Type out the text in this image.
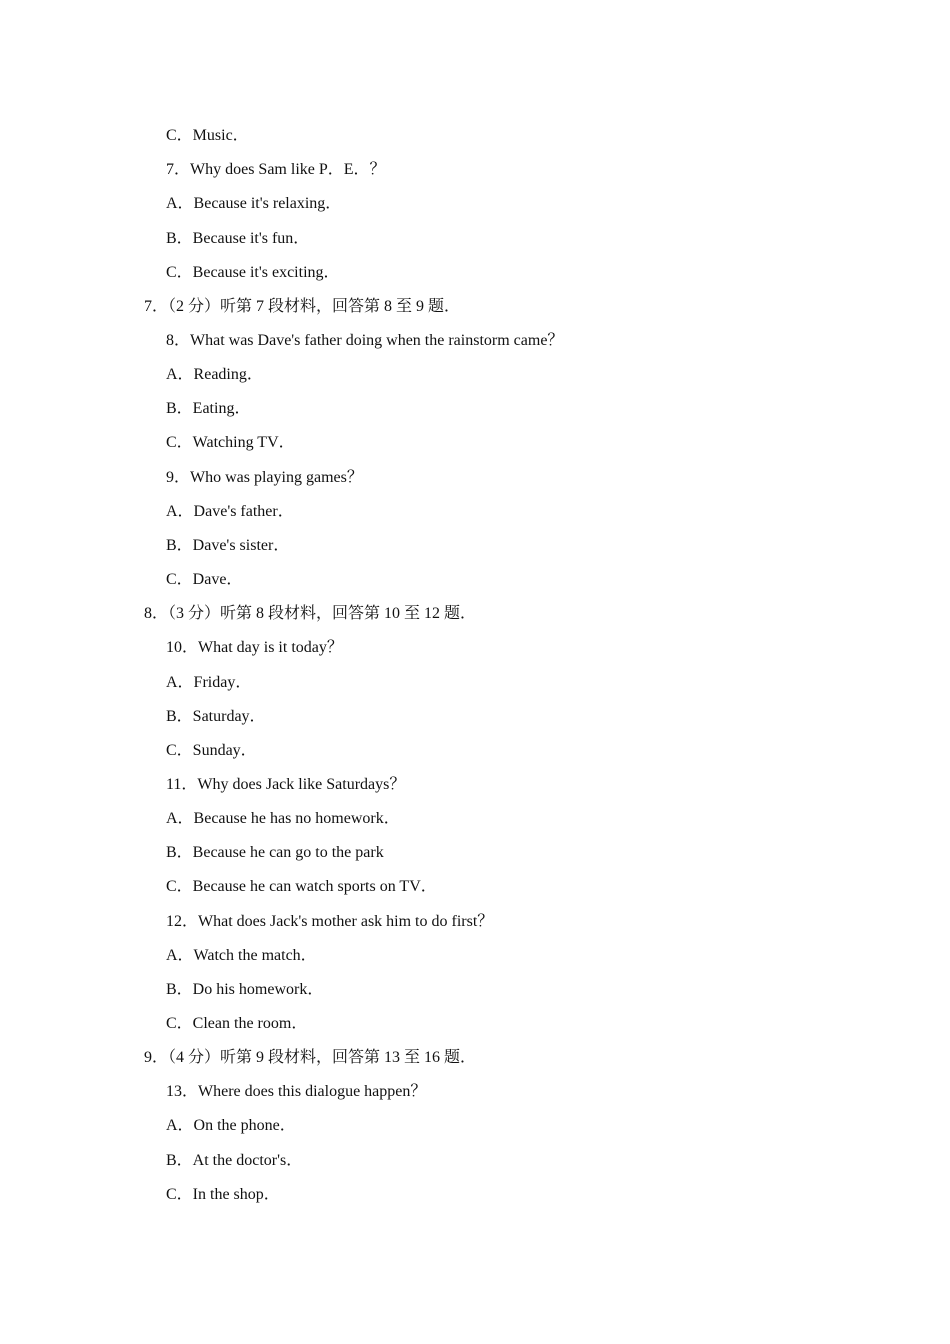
C．Music．
7．Why does Sam like P．E．？
A．Because it's relaxing．
B．Because it's fun．
C．Because it's exciting．
7．（2 分）听第 7 段材料，回答第 8 至 9 题．
8．What was Dave's father doing when the rainstorm came？
A．Reading．
B．Eating．
C．Watching TV．
9．Who was playing games？
A．Dave's father．
B．Dave's sister．
C．Dave．
8．（3 分）听第 8 段材料，回答第 10 至 12 题．
10．What day is it today？
A．Friday．
B．Saturday．
C．Sunday．
11．Why does Jack like Saturdays？
A．Because he has no homework．
B．Because he can go to the park
C．Because he can watch sports on TV．
12．What does Jack's mother ask him to do first？
A．Watch the match．
B．Do his homework．
C．Clean the room．
9．（4 分）听第 9 段材料，回答第 13 至 16 题．
13．Where does this dialogue happen？
A．On the phone．
B．At the doctor's．
C．In the shop．
